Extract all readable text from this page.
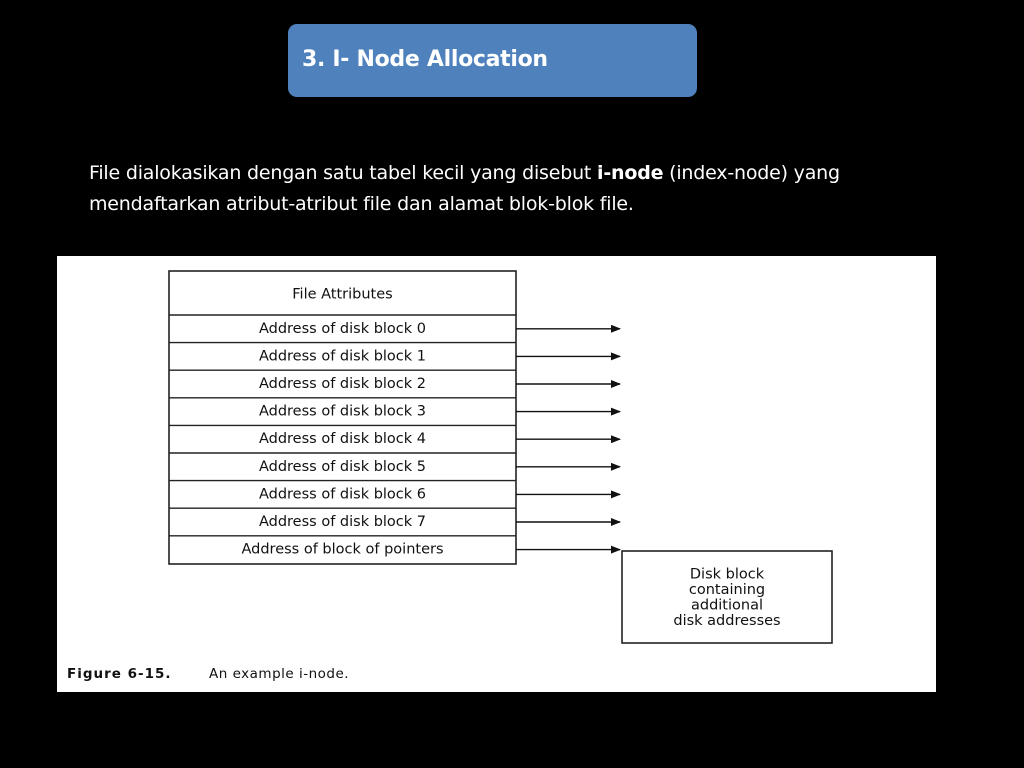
3. I- Node Allocation
File dialokasikan dengan satu tabel kecil yang disebut i-node (index-node) yang mendaftarkan atribut-atribut file dan alamat blok-blok file.
File Attributes
Address of disk block 0
Address of disk block 1
Address of disk block 2
Address of disk block 3
Address of disk block 4
Address of disk block 5
Address of disk block 6
Address of disk block 7
Address of block of pointers
Disk block
containing
additional
disk addresses
Figure 6-15.	An example i-node.
